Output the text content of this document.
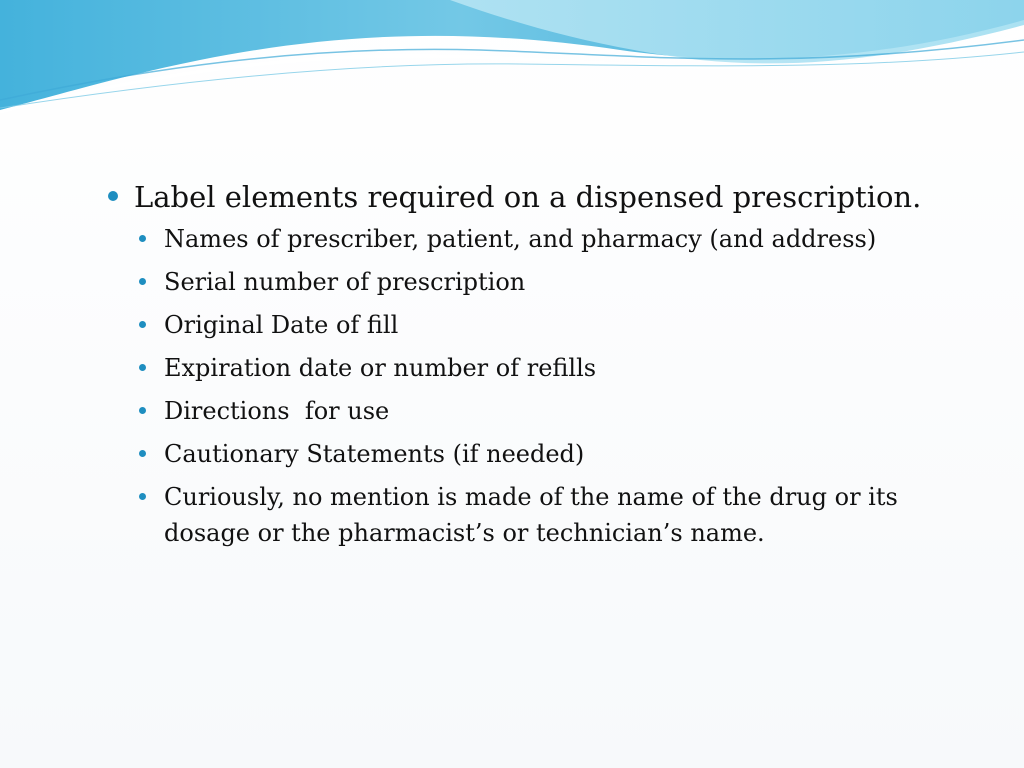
Label elements required on a dispensed prescription.
Names of prescriber, patient, and pharmacy (and address)
Serial number of prescription
Original Date of fill
Expiration date or number of refills
Directions  for use
Cautionary Statements (if needed)
Curiously, no mention is made of the name of the drug or its dosage or the pharmacist’s or technician’s name.
